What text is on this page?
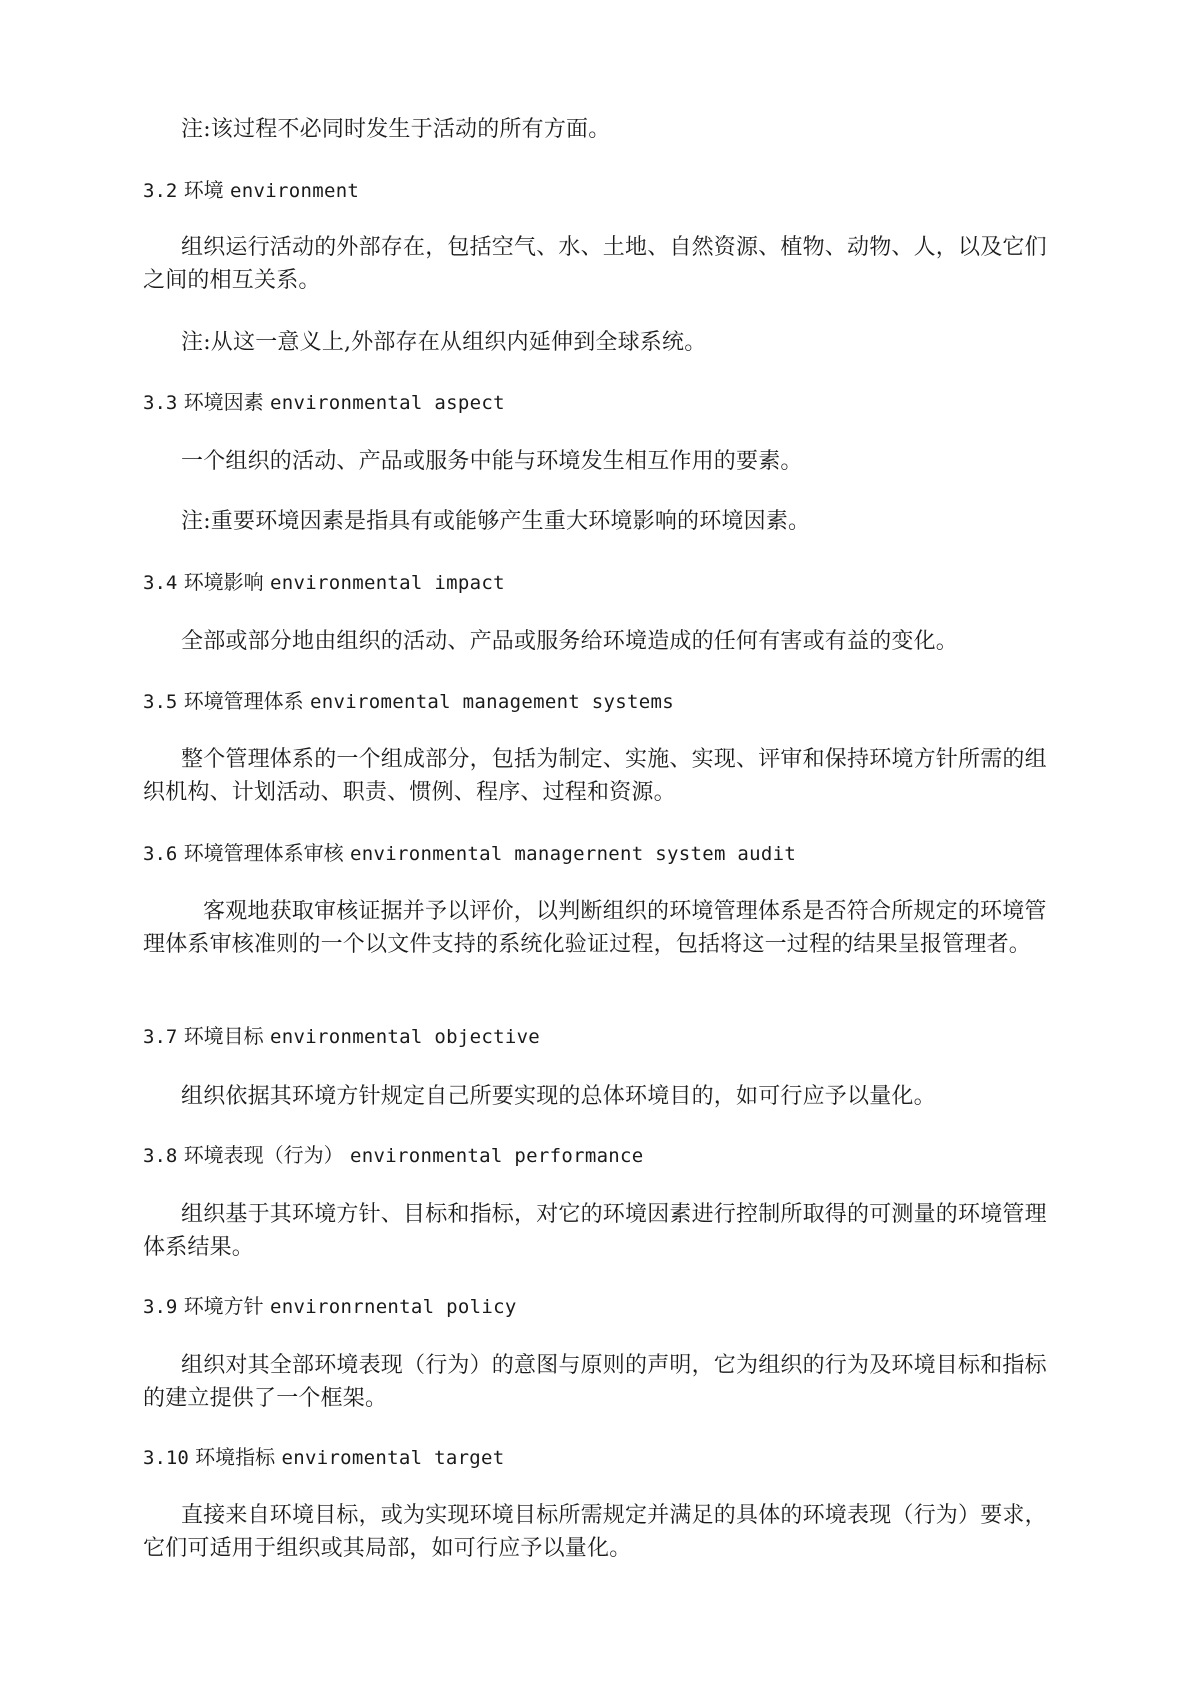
注:该过程不必同时发生于活动的所有方面。

3.2 环境 environment

组织运行活动的外部存在，包括空气、水、土地、自然资源、植物、动物、人，以及它们之间的相互关系。

注:从这一意义上,外部存在从组织内延伸到全球系统。

3.3 环境因素 environmental aspect

一个组织的活动、产品或服务中能与环境发生相互作用的要素。

注:重要环境因素是指具有或能够产生重大环境影响的环境因素。

3.4 环境影响 environmental impact

全部或部分地由组织的活动、产品或服务给环境造成的任何有害或有益的变化。

3.5 环境管理体系 enviromental management systems

整个管理体系的一个组成部分，包括为制定、实施、实现、评审和保持环境方针所需的组织机构、计划活动、职责、惯例、程序、过程和资源。

3.6 环境管理体系审核 environmental managernent system audit

客观地获取审核证据并予以评价，以判断组织的环境管理体系是否符合所规定的环境管理体系审核准则的一个以文件支持的系统化验证过程，包括将这一过程的结果呈报管理者。

3.7 环境目标 environmental objective

组织依据其环境方针规定自己所要实现的总体环境目的，如可行应予以量化。

3.8 环境表现（行为） environmental performance

组织基于其环境方针、目标和指标，对它的环境因素进行控制所取得的可测量的环境管理体系结果。

3.9 环境方针 environrnental policy

组织对其全部环境表现（行为）的意图与原则的声明，它为组织的行为及环境目标和指标的建立提供了一个框架。

3.10 环境指标 enviromental target

直接来自环境目标，或为实现环境目标所需规定并满足的具体的环境表现（行为）要求，它们可适用于组织或其局部，如可行应予以量化。
